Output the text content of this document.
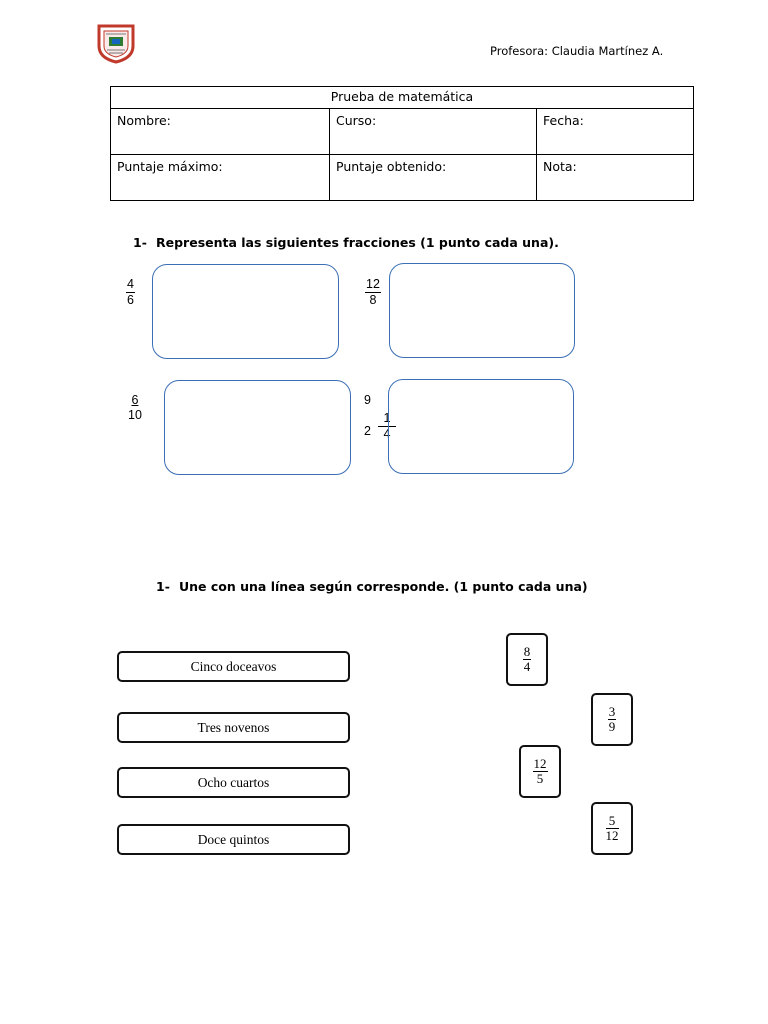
Profesora: Claudia Martínez A.
Prueba de matemática		
Nombre:	Curso:	Fecha:
Puntaje máximo:	Puntaje obtenido:	Nota:
1- Representa las siguientes fracciones (1 punto cada una).
$\frac{4}{6}$	$\frac{12}{8}$
$\frac{6}{10}$	9
$2 \frac{1}{4}$
1- Une con una línea según corresponde. (1 punto cada una)
Cinco doceavos
Tres novenos
Ocho cuartos
Doce quintos
$\frac{8}{4}$
$\frac{3}{9}$
$\frac{12}{5}$
$\frac{5}{12}$
